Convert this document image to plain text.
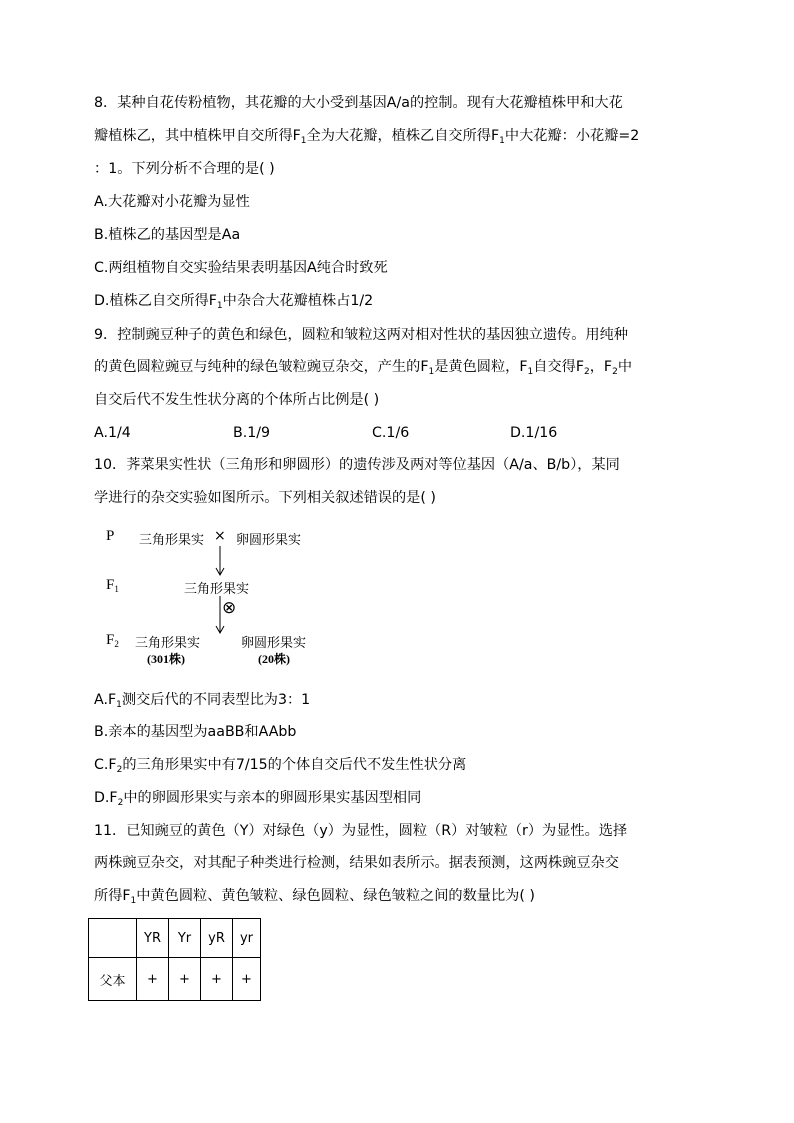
8．某种自花传粉植物，其花瓣的大小受到基因A/a的控制。现有大花瓣植株甲和大花
瓣植株乙，其中植株甲自交所得$F_1$全为大花瓣，植株乙自交所得$F_1$中大花瓣：小花瓣=2
：1。下列分析不合理的是( )
A.大花瓣对小花瓣为显性
B.植株乙的基因型是Aa
C.两组植物自交实验结果表明基因A纯合时致死
D.植株乙自交所得$F_1$中杂合大花瓣植株占1/2
9．控制豌豆种子的黄色和绿色，圆粒和皱粒这两对相对性状的基因独立遗传。用纯种
的黄色圆粒豌豆与纯种的绿色皱粒豌豆杂交，产生的$F_1$是黄色圆粒，$F_1$自交得$F_2$，$F_2$中
自交后代不发生性状分离的个体所占比例是( )
A.1/4	B.1/9	C.1/6	D.1/16
10．荠菜果实性状（三角形和卵圆形）的遗传涉及两对等位基因（A/a、B/b），某同
学进行的杂交实验如图所示。下列相关叙述错误的是( )
P 三角形果实 × 卵圆形果实
$F_1$	三角形果实
⊗
$F_2$ 三角形果实
(301株)
卵圆形果实
(20株)
$A.F_1$测交后代的不同表型比为3：1
B.亲本的基因型为aaBB和AAbb
$C.F_2$的三角形果实中有7/15的个体自交后代不发生性状分离
$D.F_2$中的卵圆形果实与亲本的卵圆形果实基因型相同
11．已知豌豆的黄色（Y）对绿色（y）为显性，圆粒（R）对皱粒（r）为显性。选择
两株豌豆杂交，对其配子种类进行检测，结果如表所示。据表预测，这两株豌豆杂交
所得$F_1$中黄色圆粒、黄色皱粒、绿色圆粒、绿色皱粒之间的数量比为( )
	YR	Yr	yR	yr
父本	+	+	+	+
